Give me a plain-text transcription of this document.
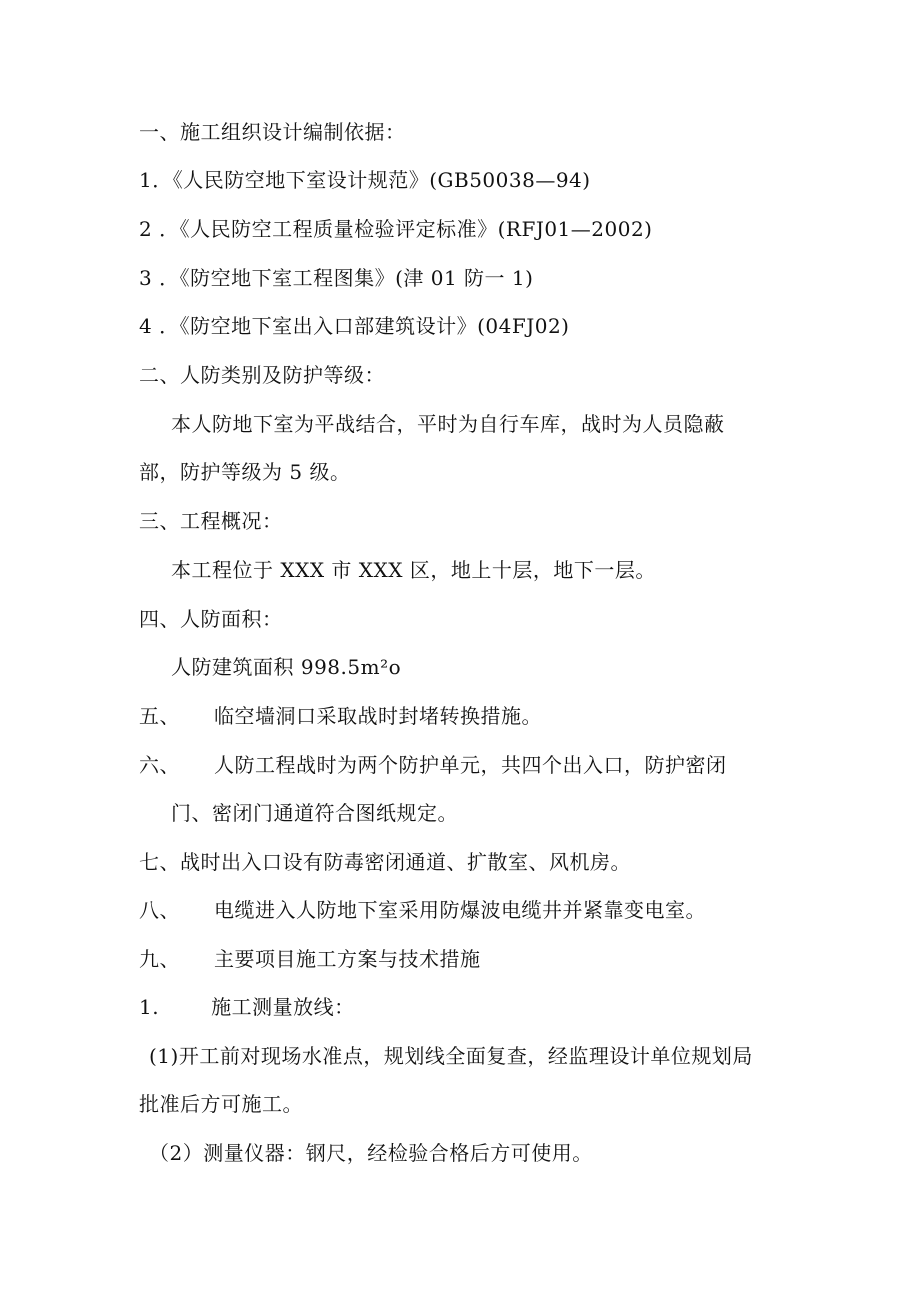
一、施工组织设计编制依据：
1．《人民防空地下室设计规范》(GB50038—94)
2 ．《人民防空工程质量检验评定标准》(RFJ01—2002)
3 ．《防空地下室工程图集》(津 01 防一 1)
4 ．《防空地下室出入口部建筑设计》(04FJ02)
二、人防类别及防护等级：
本人防地下室为平战结合，平时为自行车库，战时为人员隐蔽
部，防护等级为 5 级。
三、工程概况：
本工程位于 XXX 市 XXX 区，地上十层，地下一层。
四、人防面积：
人防建筑面积 998.5m²o
五、 临空墙洞口采取战时封堵转换措施。
六、 人防工程战时为两个防护单元，共四个出入口，防护密闭
门、密闭门通道符合图纸规定。
七、战时出入口设有防毒密闭通道、扩散室、风机房。
八、 电缆进入人防地下室采用防爆波电缆井并紧靠变电室。
九、 主要项目施工方案与技术措施
1.	施工测量放线：
(1)开工前对现场水准点，规划线全面复查，经监理设计单位规划局
批准后方可施工。
（2）测量仪器：钢尺，经检验合格后方可使用。
